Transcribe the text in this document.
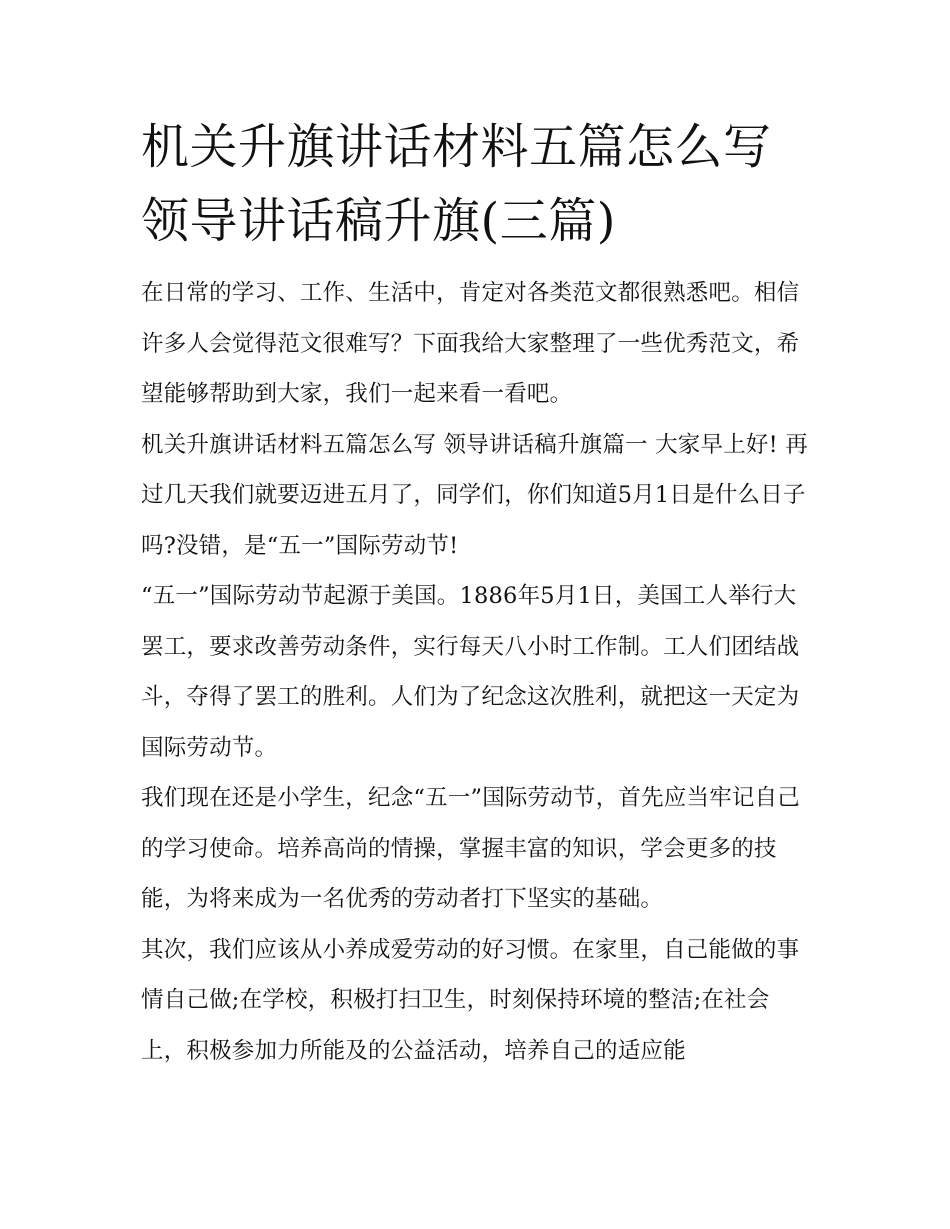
机关升旗讲话材料五篇怎么写领导讲话稿升旗(三篇)

在日常的学习、工作、生活中，肯定对各类范文都很熟悉吧。相信许多人会觉得范文很难写？下面我给大家整理了一些优秀范文，希望能够帮助到大家，我们一起来看一看吧。

机关升旗讲话材料五篇怎么写 领导讲话稿升旗篇一 大家早上好! 再过几天我们就要迈进五月了，同学们，你们知道5月1日是什么日子吗?没错，是“五一”国际劳动节!

“五一”国际劳动节起源于美国。1886年5月1日，美国工人举行大罢工，要求改善劳动条件，实行每天八小时工作制。工人们团结战斗，夺得了罢工的胜利。人们为了纪念这次胜利，就把这一天定为国际劳动节。

我们现在还是小学生，纪念“五一”国际劳动节，首先应当牢记自己的学习使命。培养高尚的情操，掌握丰富的知识，学会更多的技能，为将来成为一名优秀的劳动者打下坚实的基础。

其次，我们应该从小养成爱劳动的好习惯。在家里，自己能做的事情自己做;在学校，积极打扫卫生，时刻保持环境的整洁;在社会上，积极参加力所能及的公益活动，培养自己的适应能
